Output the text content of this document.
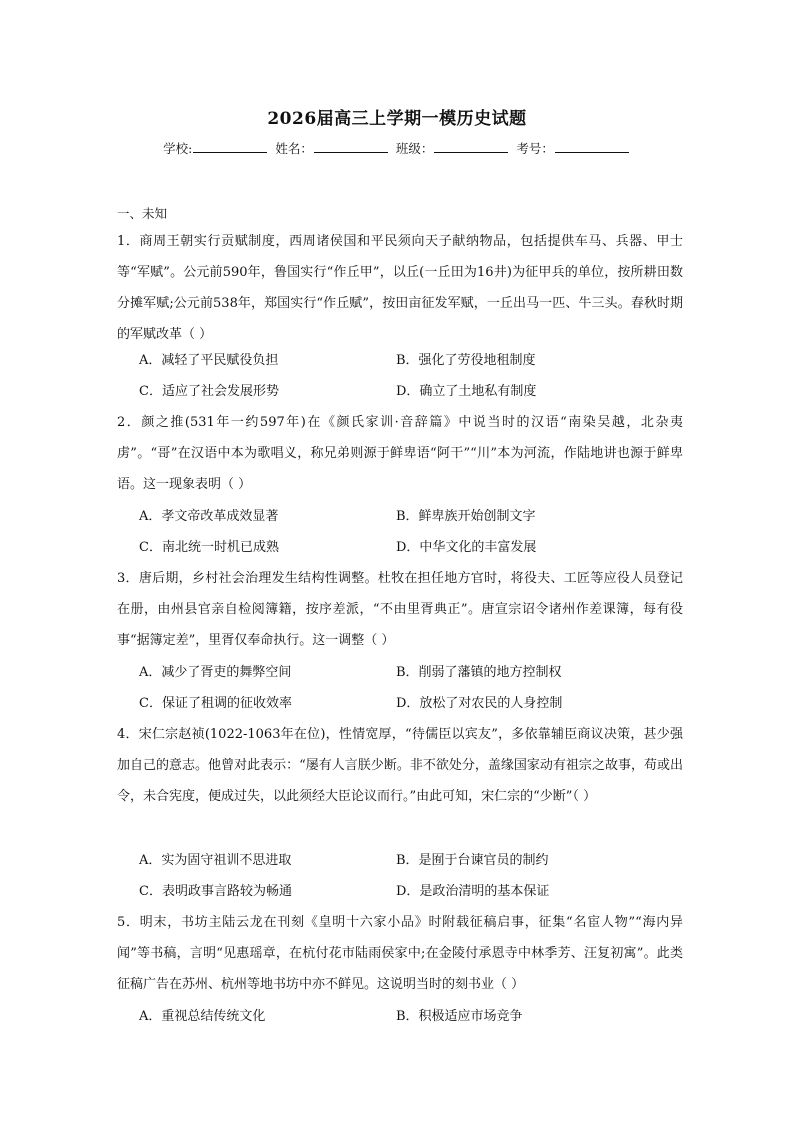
2026届高三上学期一模历史试题
学校:	姓名：	班级：	考号：
一、未知

1．商周王朝实行贡赋制度，西周诸侯国和平民须向天子献纳物品，包括提供车马、兵器、甲士等“军赋”。公元前590年，鲁国实行“作丘甲”，以丘(一丘田为16井)为征甲兵的单位，按所耕田数分摊军赋;公元前538年，郑国实行“作丘赋”，按田亩征发军赋，一丘出马一匹、牛三头。春秋时期的军赋改革（ ）

A．减轻了平民赋役负担	B．强化了劳役地租制度
C．适应了社会发展形势	D．确立了土地私有制度

2．颜之推(531年一约597年)在《颜氏家训·音辞篇》中说当时的汉语“南染吴越，北杂夷虏”。“哥”在汉语中本为歌唱义，称兄弟则源于鲜卑语“阿干”“川”本为河流，作陆地讲也源于鲜卑语。这一现象表明（ ）

A．孝文帝改革成效显著	B．鲜卑族开始创制文字
C．南北统一时机已成熟	D．中华文化的丰富发展

3．唐后期，乡村社会治理发生结构性调整。杜牧在担任地方官时，将役夫、工匠等应役人员登记在册，由州县官亲自检阅簿籍，按序差派，“不由里胥典正”。唐宣宗诏令诸州作差课簿，每有役事“据簿定差”，里胥仅奉命执行。这一调整（ ）

A．减少了胥吏的舞弊空间	B．削弱了藩镇的地方控制权
C．保证了租调的征收效率	D．放松了对农民的人身控制

4．宋仁宗赵祯(1022-1063年在位)，性情宽厚，“待儒臣以宾友”，多依靠辅臣商议决策，甚少强加自己的意志。他曾对此表示：“屡有人言朕少断。非不欲处分，盖缘国家动有祖宗之故事，苟或出令，未合宪度，便成过失，以此须经大臣论议而行。”由此可知，宋仁宗的“少断”（ ）

A．实为固守祖训不思进取	B．是囿于台谏官员的制约
C．表明政事言路较为畅通	D．是政治清明的基本保证

5．明末，书坊主陆云龙在刊刻《皇明十六家小品》时附载征稿启事，征集“名宦人物”“海内异闻”等书稿，言明“见惠瑶章，在杭付花市陆雨侯家中;在金陵付承恩寺中林季芳、汪复初寓”。此类征稿广告在苏州、杭州等地书坊中亦不鲜见。这说明当时的刻书业（ ）

A．重视总结传统文化	B．积极适应市场竞争
